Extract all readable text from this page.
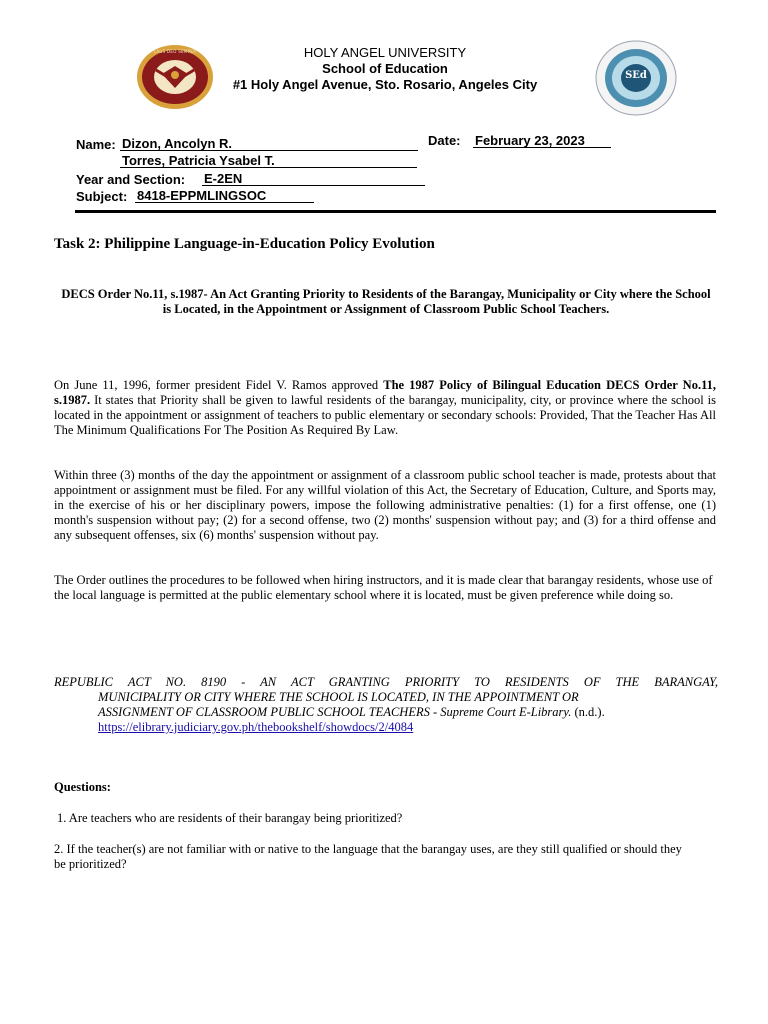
LAUS DEO SEMPER
SEd
HOLY ANGEL UNIVERSITY
School of Education
#1 Holy Angel Avenue, Sto. Rosario, Angeles City
Name: Dizon, Ancolyn R.
Torres, Patricia Ysabel T.
Date: February 23, 2023
Year and Section: E-2EN
Subject: 8418-EPPMLINGSOC
Task 2: Philippine Language-in-Education Policy Evolution
DECS Order No.11, s.1987- An Act Granting Priority to Residents of the Barangay, Municipality or City where the School is Located, in the Appointment or Assignment of Classroom Public School Teachers.
On June 11, 1996, former president Fidel V. Ramos approved The 1987 Policy of Bilingual Education DECS Order No.11, s.1987. It states that Priority shall be given to lawful residents of the barangay, municipality, city, or province where the school is located in the appointment or assignment of teachers to public elementary or secondary schools: Provided, That the Teacher Has All The Minimum Qualifications For The Position As Required By Law.
Within three (3) months of the day the appointment or assignment of a classroom public school teacher is made, protests about that appointment or assignment must be filed. For any willful violation of this Act, the Secretary of Education, Culture, and Sports may, in the exercise of his or her disciplinary powers, impose the following administrative penalties: (1) for a first offense, one (1) month's suspension without pay; (2) for a second offense, two (2) months' suspension without pay; and (3) for a third offense and any subsequent offenses, six (6) months' suspension without pay.
The Order outlines the procedures to be followed when hiring instructors, and it is made clear that barangay residents, whose use of the local language is permitted at the public elementary school where it is located, must be given preference while doing so.
REPUBLIC ACT NO. 8190 - AN ACT GRANTING PRIORITY TO RESIDENTS OF THE BARANGAY,
MUNICIPALITY OR CITY WHERE THE SCHOOL IS LOCATED, IN THE APPOINTMENT OR
ASSIGNMENT OF CLASSROOM PUBLIC SCHOOL TEACHERS - Supreme Court E-Library. (n.d.).
https://elibrary.judiciary.gov.ph/thebookshelf/showdocs/2/4084
Questions:
1. Are teachers who are residents of their barangay being prioritized?
2. If the teacher(s) are not familiar with or native to the language that the barangay uses, are they still qualified or should they be prioritized?
